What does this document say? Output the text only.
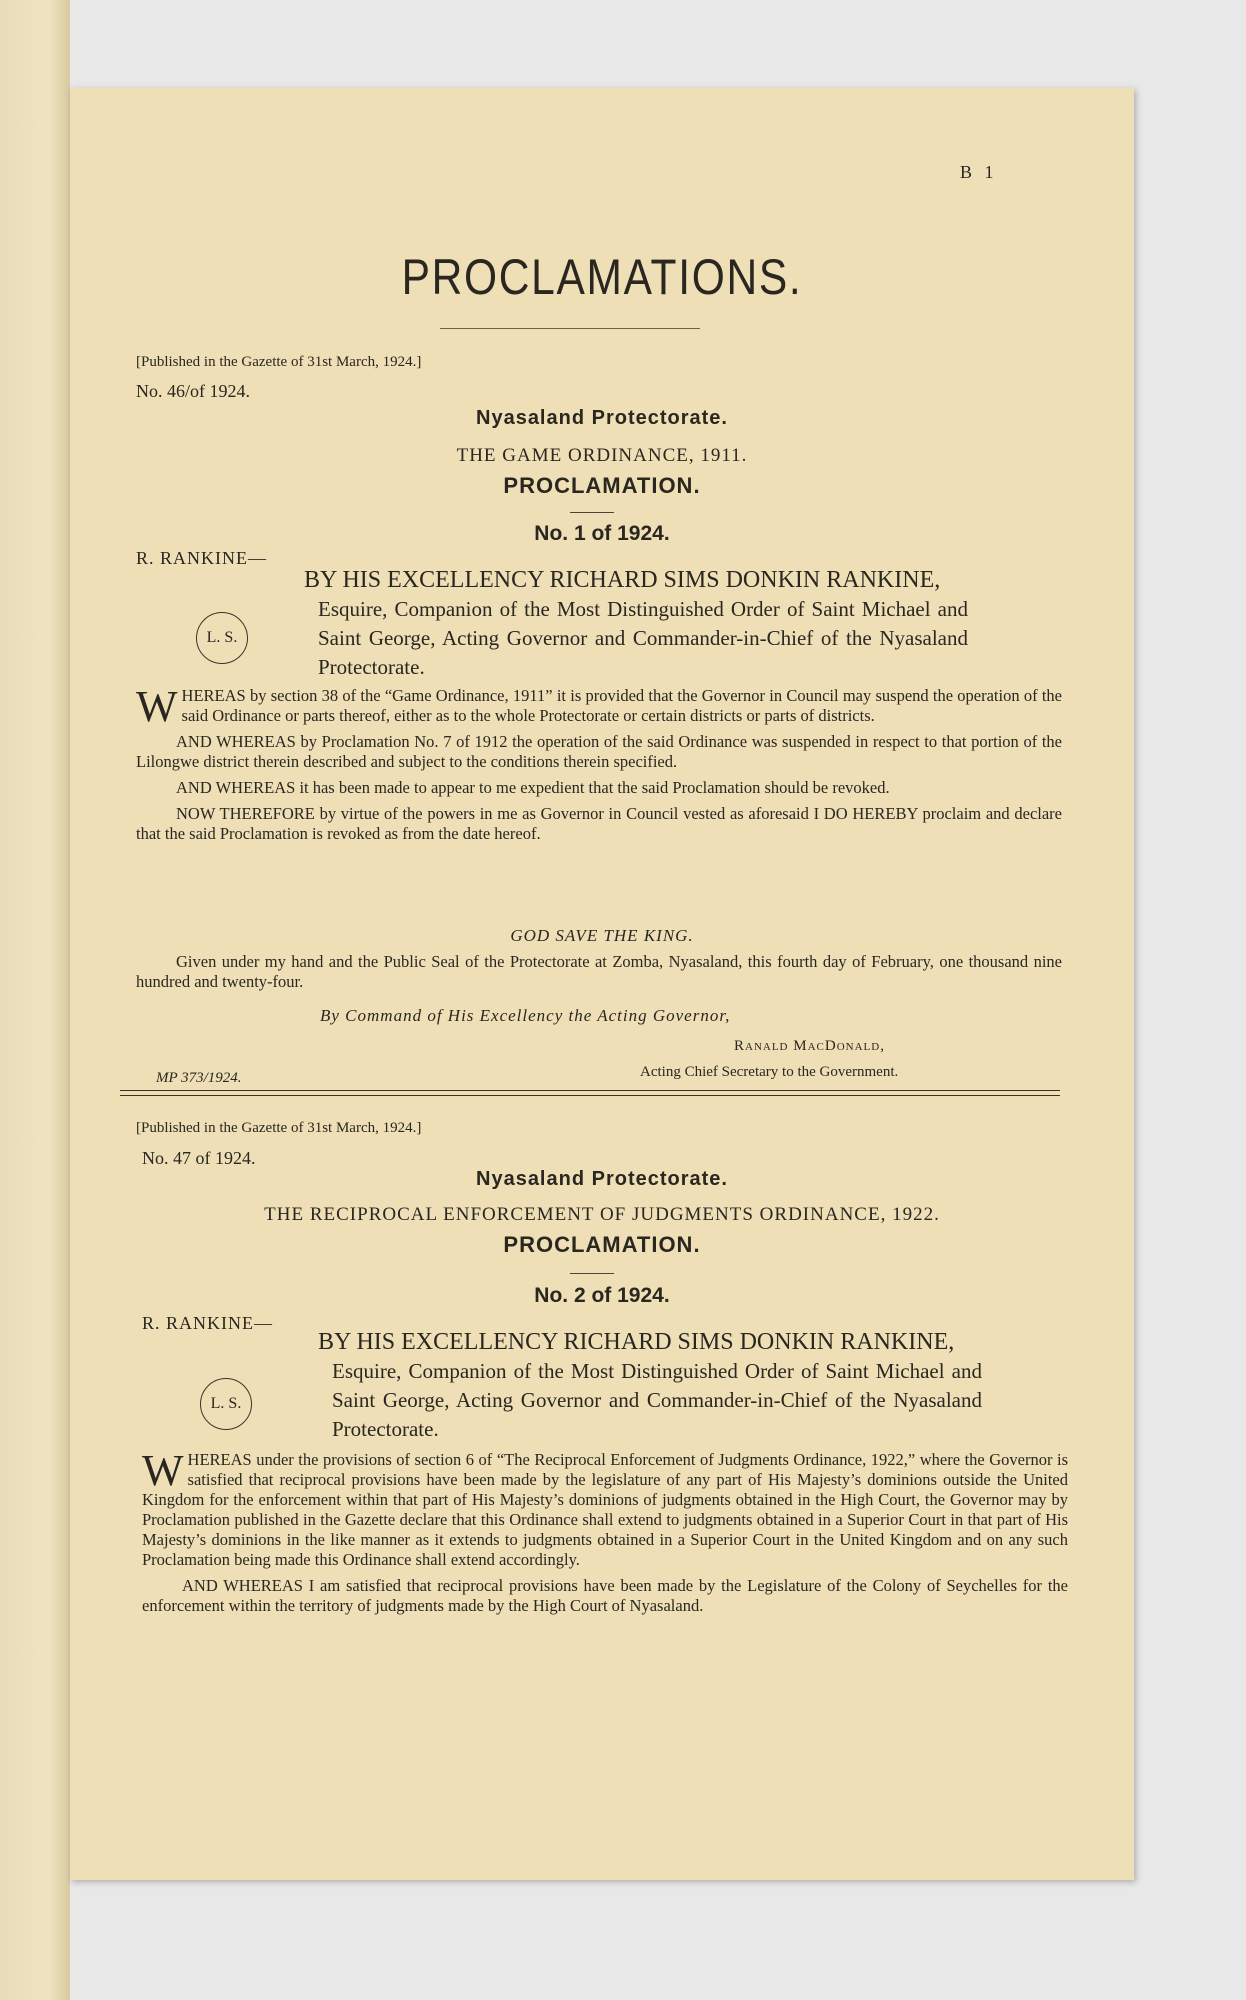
B 1
PROCLAMATIONS.
[Published in the Gazette of 31st March, 1924.]
No. 46/of 1924.
Nyasaland Protectorate.
THE GAME ORDINANCE, 1911.
PROCLAMATION.
No. 1 of 1924.
R. RANKINE—
BY HIS EXCELLENCY RICHARD SIMS DONKIN RANKINE,
Esquire, Companion of the Most Distinguished Order of Saint Michael and Saint George, Acting Governor and Commander-in-Chief of the Nyasaland Protectorate.
L. S.

WHEREAS by section 38 of the “Game Ordinance, 1911” it is provided that the Governor in Council may suspend the operation of the said Ordinance or parts thereof, either as to the whole Protectorate or certain districts or parts of districts.

AND WHEREAS by Proclamation No. 7 of 1912 the operation of the said Ordinance was suspended in respect to that portion of the Lilongwe district therein described and subject to the conditions therein specified.

AND WHEREAS it has been made to appear to me expedient that the said Proclamation should be revoked.

NOW THEREFORE by virtue of the powers in me as Governor in Council vested as aforesaid I DO HEREBY proclaim and declare that the said Proclamation is revoked as from the date hereof.

GOD SAVE THE KING.

Given under my hand and the Public Seal of the Protectorate at Zomba, Nyasaland, this fourth day of February, one thousand nine hundred and twenty-four.

By Command of His Excellency the Acting Governor,
Ranald MacDonald,
Acting Chief Secretary to the Government.
MP 373/1924.
[Published in the Gazette of 31st March, 1924.]
No. 47 of 1924.
Nyasaland Protectorate.
THE RECIPROCAL ENFORCEMENT OF JUDGMENTS ORDINANCE, 1922.
PROCLAMATION.
No. 2 of 1924.
R. RANKINE—
BY HIS EXCELLENCY RICHARD SIMS DONKIN RANKINE,
Esquire, Companion of the Most Distinguished Order of Saint Michael and Saint George, Acting Governor and Commander-in-Chief of the Nyasaland Protectorate.
L. S.

WHEREAS under the provisions of section 6 of “The Reciprocal Enforcement of Judgments Ordinance, 1922,” where the Governor is satisfied that reciprocal provisions have been made by the legislature of any part of His Majesty’s dominions outside the United Kingdom for the enforcement within that part of His Majesty’s dominions of judgments obtained in the High Court, the Governor may by Proclamation published in the Gazette declare that this Ordinance shall extend to judgments obtained in a Superior Court in that part of His Majesty’s dominions in the like manner as it extends to judgments obtained in a Superior Court in the United Kingdom and on any such Proclamation being made this Ordinance shall extend accordingly.

AND WHEREAS I am satisfied that reciprocal provisions have been made by the Legislature of the Colony of Seychelles for the enforcement within the territory of judgments made by the High Court of Nyasaland.
